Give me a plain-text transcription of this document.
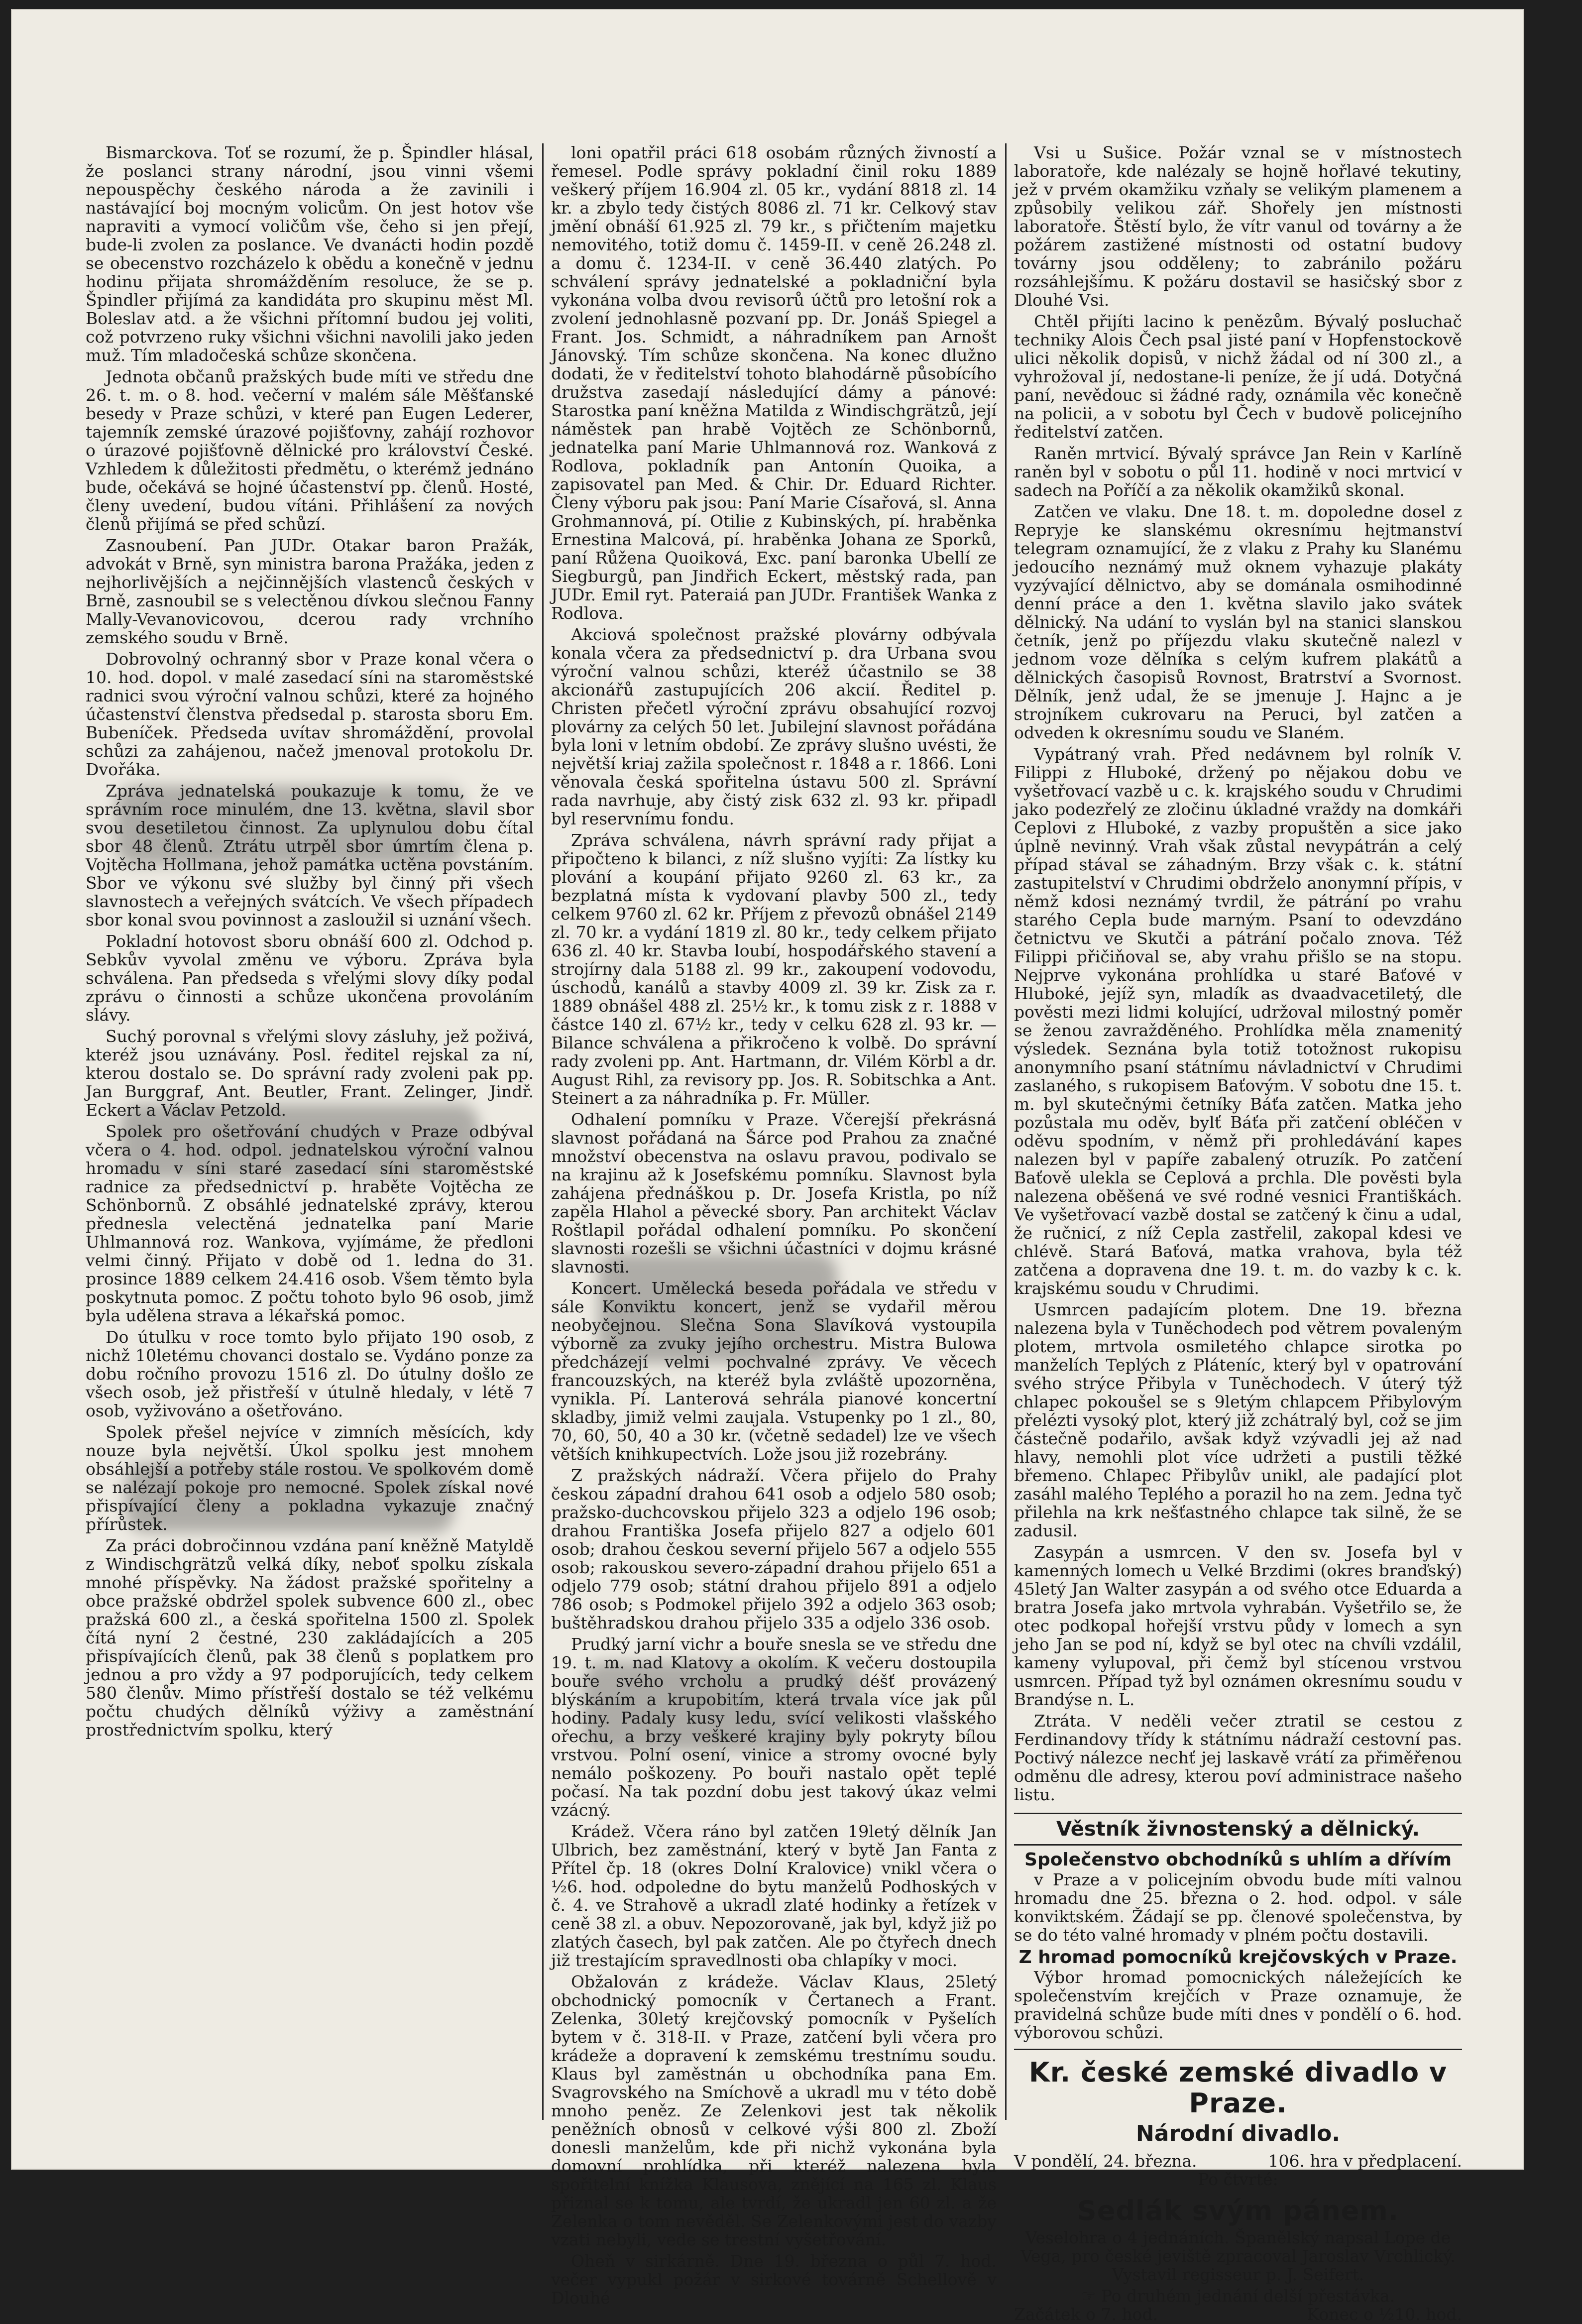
Bismarckova. Toť se rozumí, že p. Špindler hlásal, že poslanci strany národní, jsou vinni všemi nepouspěchy českého národa a že zavinili i nastávající boj mocným volicům. On jest hotov vše napraviti a vymocí voličům vše, čeho si jen přejí, bude-li zvolen za poslance. Ve dvanácti hodin pozdě se obecenstvo rozcházelo k obědu a konečně v jednu hodinu přijata shromážděním resoluce, že se p. Špindler přijímá za kandidáta pro skupinu měst Ml. Boleslav atd. a že všichni přítomní budou jej voliti, což potvrzeno ruky všichni všichni navolili jako jeden muž. Tím mladočeská schůze skončena.

Jednota občanů pražských bude míti ve středu dne 26. t. m. o 8. hod. večerní v malém sále Měšťanské besedy v Praze schůzi, v které pan Eugen Lederer, tajemník zemské úrazové pojišťovny, zahájí rozhovor o úrazové pojišťovně dělnické pro království České. Vzhledem k důležitosti předmětu, o kterémž jednáno bude, očekává se hojné účastenství pp. členů. Hosté, členy uvedení, budou vítáni. Přihlášení za nových členů přijímá se před schůzí.

Zasnoubení. Pan JUDr. Otakar baron Pražák, advokát v Brně, syn ministra barona Pražáka, jeden z nejhorlivějších a nejčinnějších vlastenců českých v Brně, zasnoubil se s velectěnou dívkou slečnou Fanny Mally-Vevanovicovou, dcerou rady vrchního zemského soudu v Brně.

Dobrovolný ochranný sbor v Praze konal včera o 10. hod. dopol. v malé zasedací síni na staroměstské radnici svou výroční valnou schůzi, které za hojného účastenství členstva předsedal p. starosta sboru Em. Bubeníček. Předseda uvítav shromáždění, provolal schůzi za zahájenou, načež jmenoval protokolu Dr. Dvořáka.

Zpráva jednatelská poukazuje k tomu, že ve správním roce minulém, dne 13. května, slavil sbor svou desetiletou činnost. Za uplynulou dobu čítal sbor 48 členů. Ztrátu utrpěl sbor úmrtím člena p. Vojtěcha Hollmana, jehož památka uctěna povstáním. Sbor ve výkonu své služby byl činný při všech slavnostech a veřejných svátcích. Ve všech případech sbor konal svou povinnost a zasloužil si uznání všech.

Pokladní hotovost sboru obnáší 600 zl. Odchod p. Sebkův vyvolal změnu ve výboru. Zpráva byla schválena. Pan předseda s vřelými slovy díky podal zprávu o činnosti a schůze ukončena provoláním slávy.

Suchý porovnal s vřelými slovy zásluhy, jež poživá, kteréž jsou uznávány. Posl. ředitel rejskal za ní, kterou dostalo se. Do správní rady zvoleni pak pp. Jan Burggraf, Ant. Beutler, Frant. Zelinger, Jindř. Eckert a Václav Petzold.

Spolek pro ošetřování chudých v Praze odbýval včera o 4. hod. odpol. jednatelskou výroční valnou hromadu v síni staré zasedací síni staroměstské radnice za předsednictví p. hraběte Vojtěcha ze Schönbornů. Z obsáhlé jednatelské zprávy, kterou přednesla velectěná jednatelka paní Marie Uhlmannová roz. Wankova, vyjímáme, že předloni velmi činný. Přijato v době od 1. ledna do 31. prosince 1889 celkem 24.416 osob. Všem těmto byla poskytnuta pomoc. Z počtu tohoto bylo 96 osob, jimž byla udělena strava a lékařská pomoc.

Do útulku v roce tomto bylo přijato 190 osob, z nichž 10letému chovanci dostalo se. Vydáno ponze za dobu ročního provozu 1516 zl. Do útulny došlo ze všech osob, jež přistřeší v útulně hledaly, v létě 7 osob, vyživováno a ošetřováno.

Spolek přešel nejvíce v zimních měsících, kdy nouze byla největší. Úkol spolku jest mnohem obsáhlejší a potřeby stále rostou. Ve spolkovém domě se nalézají pokoje pro nemocné. Spolek získal nové přispívající členy a pokladna vykazuje značný přírůstek.

Za práci dobročinnou vzdána paní kněžně Matyldě z Windischgrätzů velká díky, neboť spolku získala mnohé příspěvky. Na žádost pražské spořitelny a obce pražské obdržel spolek subvence 600 zl., obec pražská 600 zl., a česká spořitelna 1500 zl. Spolek čítá nyní 2 čestné, 230 zakládajících a 205 přispívajících členů, pak 38 členů s poplatkem pro jednou a pro vždy a 97 podporujících, tedy celkem 580 členův. Mimo přístřeší dostalo se též velkému počtu chudých dělníků výživy a zaměstnání prostřednictvím spolku, který

loni opatřil práci 618 osobám různých živností a řemesel. Podle správy pokladní činil roku 1889 veškerý příjem 16.904 zl. 05 kr., vydání 8818 zl. 14 kr. a zbylo tedy čistých 8086 zl. 71 kr. Celkový stav jmění obnáší 61.925 zl. 79 kr., s přičtením majetku nemovitého, totiž domu č. 1459-II. v ceně 26.248 zl. a domu č. 1234-II. v ceně 36.440 zlatých. Po schválení správy jednatelské a pokladniční byla vykonána volba dvou revisorů účtů pro letošní rok a zvolení jednohlasně pozvaní pp. Dr. Jonáš Spiegel a Frant. Jos. Schmidt, a náhradníkem pan Arnošt Jánovský. Tím schůze skončena. Na konec dlužno dodati, že v ředitelství tohoto blahodárně působícího družstva zasedají následující dámy a pánové: Starostka paní kněžna Matilda z Windischgrätzů, její náměstek pan hrabě Vojtěch ze Schönbornů, jednatelka paní Marie Uhlmannová roz. Wanková z Rodlova, pokladník pan Antonín Quoika, a zapisovatel pan Med. & Chir. Dr. Eduard Richter. Členy výboru pak jsou: Paní Marie Císařová, sl. Anna Grohmannová, pí. Otilie z Kubinských, pí. hraběnka Ernestina Malcová, pí. hraběnka Johana ze Sporků, paní Růžena Quoiková, Exc. paní baronka Ubellí ze Siegburgů, pan Jindřich Eckert, městský rada, pan JUDr. Emil ryt. Pateraiá pan JUDr. František Wanka z Rodlova.

Akciová společnost pražské plovárny odbývala konala včera za předsednictví p. dra Urbana svou výroční valnou schůzi, kteréž účastnilo se 38 akcionářů zastupujících 206 akcií. Ředitel p. Christen přečetl výroční zprávu obsahující rozvoj plovárny za celých 50 let. Jubilejní slavnost pořádána byla loni v letním období. Ze zprávy slušno uvésti, že největší kriaj zažila společnost r. 1848 a r. 1866. Loni věnovala česká spořitelna ústavu 500 zl. Správní rada navrhuje, aby čistý zisk 632 zl. 93 kr. připadl byl reservnímu fondu.

Zpráva schválena, návrh správní rady přijat a připočteno k bilanci, z níž slušno vyjíti: Za lístky ku plování a koupání přijato 9260 zl. 63 kr., za bezplatná místa k vydovaní plavby 500 zl., tedy celkem 9760 zl. 62 kr. Příjem z převozů obnášel 2149 zl. 70 kr. a vydání 1819 zl. 80 kr., tedy celkem přijato 636 zl. 40 kr. Stavba loubí, hospodářského stavení a strojírny dala 5188 zl. 99 kr., zakoupení vodovodu, úschodů, kanálů a stavby 4009 zl. 39 kr. Zisk za r. 1889 obnášel 488 zl. 25½ kr., k tomu zisk z r. 1888 v částce 140 zl. 67½ kr., tedy v celku 628 zl. 93 kr. — Bilance schválena a přikročeno k volbě. Do správní rady zvoleni pp. Ant. Hartmann, dr. Vilém Körbl a dr. August Rihl, za revisory pp. Jos. R. Sobitschka a Ant. Steinert a za náhradníka p. Fr. Müller.

Odhalení pomníku v Praze. Včerejší překrásná slavnost pořádaná na Šárce pod Prahou za značné množství obecenstva na oslavu pravou, podivalo se na krajinu až k Josefskému pomníku. Slavnost byla zahájena přednáškou p. Dr. Josefa Kristla, po níž zapěla Hlahol a pěvecké sbory. Pan architekt Václav Roštlapil pořádal odhalení pomníku. Po skončení slavnosti rozešli se všichni účastníci v dojmu krásné slavnosti.

Koncert. Umělecká beseda pořádala ve středu v sále Konviktu koncert, jenž se vydařil měrou neobyčejnou. Slečna Sona Slavíková vystoupila výborně za zvuky jejího orchestru. Mistra Bulowa předcházejí velmi pochvalné zprávy. Ve věcech francouzských, na kteréž byla zvláště upozorněna, vynikla. Pí. Lanterová sehrála pianové koncertní skladby, jimiž velmi zaujala. Vstupenky po 1 zl., 80, 70, 60, 50, 40 a 30 kr. (včetně sedadel) lze ve všech větších knihkupectvích. Lože jsou již rozebrány.

Z pražských nádraží. Včera přijelo do Prahy českou západní drahou 641 osob a odjelo 580 osob; pražsko-duchcovskou přijelo 323 a odjelo 196 osob; drahou Františka Josefa přijelo 827 a odjelo 601 osob; drahou českou severní přijelo 567 a odjelo 555 osob; rakouskou severo-západní drahou přijelo 651 a odjelo 779 osob; státní drahou přijelo 891 a odjelo 786 osob; s Podmokel přijelo 392 a odjelo 363 osob; buštěhradskou drahou přijelo 335 a odjelo 336 osob.

Prudký jarní vichr a bouře snesla se ve středu dne 19. t. m. nad Klatovy a okolím. K večeru dostoupila bouře svého vrcholu a prudký déšť provázený blýskáním a krupobitím, která trvala více jak půl hodiny. Padaly kusy ledu, svící velikosti vlašského ořechu, a brzy veškeré krajiny byly pokryty bílou vrstvou. Polní osení, vinice a stromy ovocné byly nemálo poškozeny. Po bouři nastalo opět teplé počasí. Na tak pozdní dobu jest takový úkaz velmi vzácný.

Krádež. Včera ráno byl zatčen 19letý dělník Jan Ulbrich, bez zaměstnání, který v bytě Jan Fanta z Přítel čp. 18 (okres Dolní Kralovice) vnikl včera o ½6. hod. odpoledne do bytu manželů Podhoských v č. 4. ve Strahově a ukradl zlaté hodinky a řetízek v ceně 38 zl. a obuv. Nepozorovaně, jak byl, když již po zlatých časech, byl pak zatčen. Ale po čtyřech dnech již trestajícím spravedlnosti oba chlapíky v moci.

Obžalován z krádeže. Václav Klaus, 25letý obchodnický pomocník v Čertanech a Frant. Zelenka, 30letý krejčovský pomocník v Pyšelích bytem v č. 318-II. v Praze, zatčení byli včera pro krádeže a dopravení k zemskému trestnímu soudu. Klaus byl zaměstnán u obchodníka pana Em. Svagrovského na Smíchově a ukradl mu v této době mnoho peněz. Ze Zelenkovi jest tak několik peněžních obnosů v celkové výši 800 zl. Zboží donesli manželům, kde při nichž vykonána byla domovní prohlídka, při kteréž nalezena byla spořitelní knížka Klausova, znějící na 165 zl. Klaus přiznal se k tomu, ale tvrdí, že ukradl jen 60 zl. a že Zelenka o tom nevěděl. Se Zelenkovými jest do vazby vzati nebyli, vede se trestní vyšetřování.

Oheň v sirkárně. Dne 19. března o půl 7. hod. večer vypukl požár v sirkové továrně Schellově v Dlouhé

Vsi u Sušice. Požár vznal se v místnostech laboratoře, kde nalézaly se hojně hořlavé tekutiny, jež v prvém okamžiku vzňaly se velikým plamenem a způsobily velikou zář. Shořely jen místnosti laboratoře. Štěstí bylo, že vítr vanul od továrny a že požárem zastižené místnosti od ostatní budovy továrny jsou odděleny; to zabránilo požáru rozsáhlejšímu. K požáru dostavil se hasičský sbor z Dlouhé Vsi.

Chtěl přijíti lacino k penězům. Bývalý posluchač techniky Alois Čech psal jisté paní v Hopfenstockově ulici několik dopisů, v nichž žádal od ní 300 zl., a vyhrožoval jí, nedostane-li peníze, že jí udá. Dotyčná paní, nevědouc si žádné rady, oznámila věc konečně na policii, a v sobotu byl Čech v budově policejního ředitelství zatčen.

Raněn mrtvicí. Bývalý správce Jan Rein v Karlíně raněn byl v sobotu o půl 11. hodině v noci mrtvicí v sadech na Poříčí a za několik okamžiků skonal.

Zatčen ve vlaku. Dne 18. t. m. dopoledne dosel z Repryje ke slanskému okresnímu hejtmanství telegram oznamující, že z vlaku z Prahy ku Slanému jedoucího neznámý muž oknem vyhazuje plakáty vyzývající dělnictvo, aby se dománala osmihodinné denní práce a den 1. května slavilo jako svátek dělnický. Na udání to vyslán byl na stanici slanskou četník, jenž po příjezdu vlaku skutečně nalezl v jednom voze dělníka s celým kufrem plakátů a dělnických časopisů Rovnost, Bratrství a Svornost. Dělník, jenž udal, že se jmenuje J. Hajnc a je strojníkem cukrovaru na Peruci, byl zatčen a odveden k okresnímu soudu ve Slaném.

Vypátraný vrah. Před nedávnem byl rolník V. Filippi z Hluboké, držený po nějakou dobu ve vyšetřovací vazbě u c. k. krajského soudu v Chrudimi jako podezřelý ze zločinu úkladné vraždy na domkáři Ceplovi z Hluboké, z vazby propuštěn a sice jako úplně nevinný. Vrah však zůstal nevypátrán a celý případ stával se záhadným. Brzy však c. k. státní zastupitelství v Chrudimi obdrželo anonymní přípis, v němž kdosi neznámý tvrdil, že pátrání po vrahu starého Cepla bude marným. Psaní to odevzdáno četnictvu ve Skutči a pátrání počalo znova. Též Filippi přičiňoval se, aby vrahu přišlo se na stopu. Nejprve vykonána prohlídka u staré Baťové v Hluboké, jejíž syn, mladík as dvaadvacetiletý, dle pověsti mezi lidmi kolující, udržoval milostný poměr se ženou zavražděného. Prohlídka měla znamenitý výsledek. Seznána byla totiž totožnost rukopisu anonymního psaní státnímu návladnictví v Chrudimi zaslaného, s rukopisem Baťovým. V sobotu dne 15. t. m. byl skutečnými četníky Báťa zatčen. Matka jeho pozůstala mu oděv, bylť Báťa při zatčení obléčen v oděvu spodním, v němž při prohledávání kapes nalezen byl v papíře zabalený otruzík. Po zatčení Baťově ulekla se Ceplová a prchla. Dle pověsti byla nalezena oběšená ve své rodné vesnici Františkách. Ve vyšetřovací vazbě dostal se zatčený k činu a udal, že ručnicí, z níž Cepla zastřelil, zakopal kdesi ve chlévě. Stará Baťová, matka vrahova, byla též zatčena a dopravena dne 19. t. m. do vazby k c. k. krajskému soudu v Chrudimi.

Usmrcen padajícím plotem. Dne 19. března nalezena byla v Tuněchodech pod větrem povaleným plotem, mrtvola osmiletého chlapce sirotka po manželích Teplých z Pláteníc, který byl v opatrování svého strýce Přibyla v Tuněchodech. V úterý týž chlapec pokoušel se s 9letým chlapcem Přibylovým přelézti vysoký plot, který již zchátralý byl, což se jim částečně podařilo, avšak když vzývadli jej až nad hlavy, nemohli plot více udržeti a pustili těžké břemeno. Chlapec Přibylův unikl, ale padající plot zasáhl malého Teplého a porazil ho na zem. Jedna tyč přilehla na krk nešťastného chlapce tak silně, že se zadusil.

Zasypán a usmrcen. V den sv. Josefa byl v kamenných lomech u Velké Brzdimi (okres branďský) 45letý Jan Walter zasypán a od svého otce Eduarda a bratra Josefa jako mrtvola vyhrabán. Vyšetřilo se, že otec podkopal hořejší vrstvu půdy v lomech a syn jeho Jan se pod ní, když se byl otec na chvíli vzdálil, kameny vylupoval, při čemž byl stícenou vrstvou usmrcen. Případ tyž byl oznámen okresnímu soudu v Brandýse n. L.

Ztráta. V neděli večer ztratil se cestou z Ferdinandovy třídy k státnímu nádraží cestovní pas. Poctivý nálezce nechť jej laskavě vrátí za přiměřenou odměnu dle adresy, kterou poví administrace našeho listu.

Věstník živnostenský a dělnický.
Společenstvo obchodníků s uhlím a dřívím

v Praze a v policejním obvodu bude míti valnou hromadu dne 25. března o 2. hod. odpol. v sále konviktském. Žádají se pp. členové společenstva, by se do této valné hromady v plném počtu dostavili.

Z hromad pomocníků krejčovských v Praze.

Výbor hromad pomocnických náležejících ke společenstvím krejčích v Praze oznamuje, že pravidelná schůze bude míti dnes v pondělí o 6. hod. výborovou schůzi.

Kr. české zemské divadlo v Praze.
Národní divadlo.
V pondělí, 24. března.	106. hra v předplacení.
Po čtvrté:
Sedlák svým pánem.
Veselohra o 4 jednáních. Španělský napsal Lope de Vega, pro české jeviště zpracoval Jaroslav Vrchlický. Vystavil regisseur p. J. Seifert.
☞ Po druhém jednání delší přestávka.
Začátek o 7. hod.	Konec o ½10. hod.
